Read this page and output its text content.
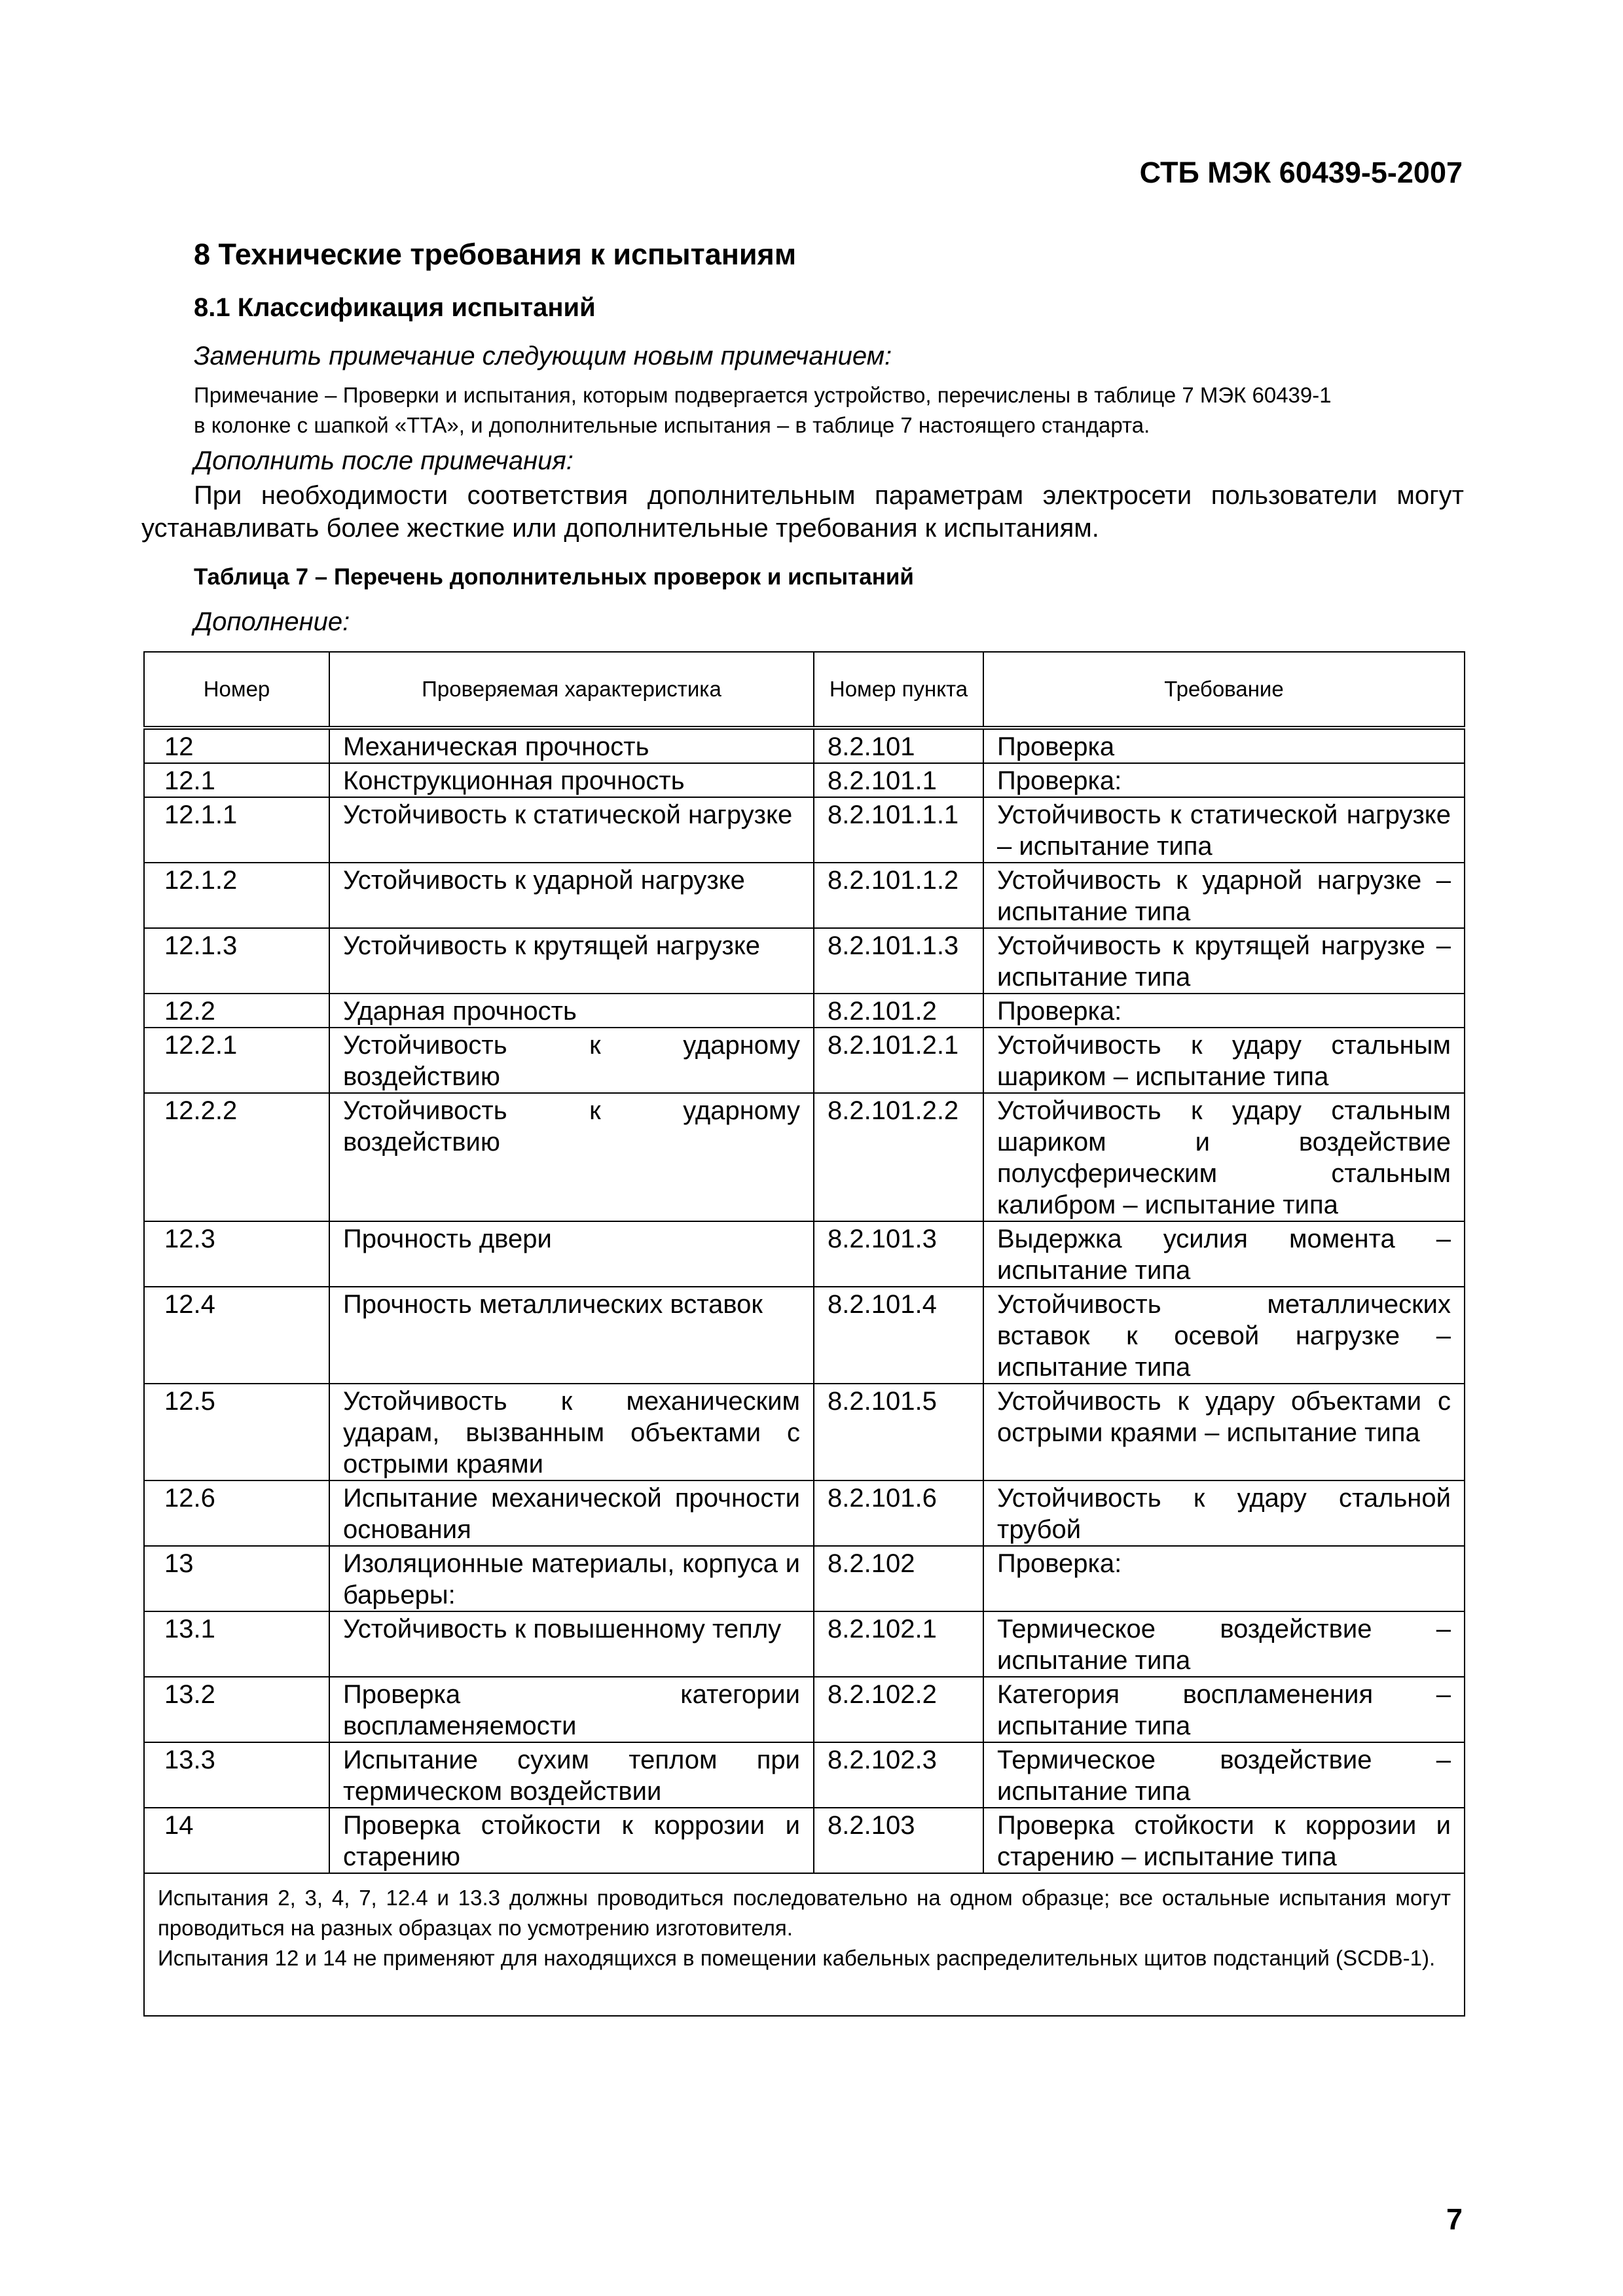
СТБ МЭК 60439-5-2007
8 Технические требования к испытаниям
8.1 Классификация испытаний
Заменить примечание следующим новым примечанием:
Примечание – Проверки и испытания, которым подвергается устройство, перечислены в таблице 7 МЭК 60439-1
в колонке с шапкой «ТТА», и дополнительные испытания – в таблице 7 настоящего стандарта.
Дополнить после примечания:
При необходимости соответствия дополнительным параметрам электросети пользователи могут устанавливать более жесткие или дополнительные требования к испытаниям.
Таблица 7 – Перечень дополнительных проверок и испытаний
Дополнение:
Номер	Проверяемая характеристика	Номер пункта	Требование
12	Механическая прочность	8.2.101	Проверка
12.1	Конструкционная прочность	8.2.101.1	Проверка:
12.1.1	Устойчивость к статической нагрузке	8.2.101.1.1	Устойчивость к статической нагрузке – испытание типа
12.1.2	Устойчивость к ударной нагрузке	8.2.101.1.2	Устойчивость к ударной нагрузке – испытание типа
12.1.3	Устойчивость к крутящей нагрузке	8.2.101.1.3	Устойчивость к крутящей нагрузке – испытание типа
12.2	Ударная прочность	8.2.101.2	Проверка:
12.2.1	Устойчивость к ударному воздействию	8.2.101.2.1	Устойчивость к удару стальным шариком – испытание типа
12.2.2	Устойчивость к ударному воздействию	8.2.101.2.2	Устойчивость к удару стальным шариком и воздействие полусферическим стальным калибром – испытание типа
12.3	Прочность двери	8.2.101.3	Выдержка усилия момента – испытание типа
12.4	Прочность металлических вставок	8.2.101.4	Устойчивость металлических вставок к осевой нагрузке – испытание типа
12.5	Устойчивость к механическим ударам, вызванным объектами с острыми краями	8.2.101.5	Устойчивость к удару объектами с острыми краями – испытание типа
12.6	Испытание механической прочности основания	8.2.101.6	Устойчивость к удару стальной трубой
13	Изоляционные материалы, корпуса и барьеры:	8.2.102	Проверка:
13.1	Устойчивость к повышенному теплу	8.2.102.1	Термическое воздействие – испытание типа
13.2	Проверка категории воспламеняемости	8.2.102.2	Категория воспламенения – испытание типа
13.3	Испытание сухим теплом при термическом воздействии	8.2.102.3	Термическое воздействие – испытание типа
14	Проверка стойкости к коррозии и старению	8.2.103	Проверка стойкости к коррозии и старению – испытание типа

Испытания 2, 3, 4, 7, 12.4 и 13.3 должны проводиться последовательно на одном образце; все остальные испытания могут проводиться на разных образцах по усмотрению изготовителя.
Испытания 12 и 14 не применяют для находящихся в помещении кабельных распределительных щитов подстанций (SCDB-1).			
7
